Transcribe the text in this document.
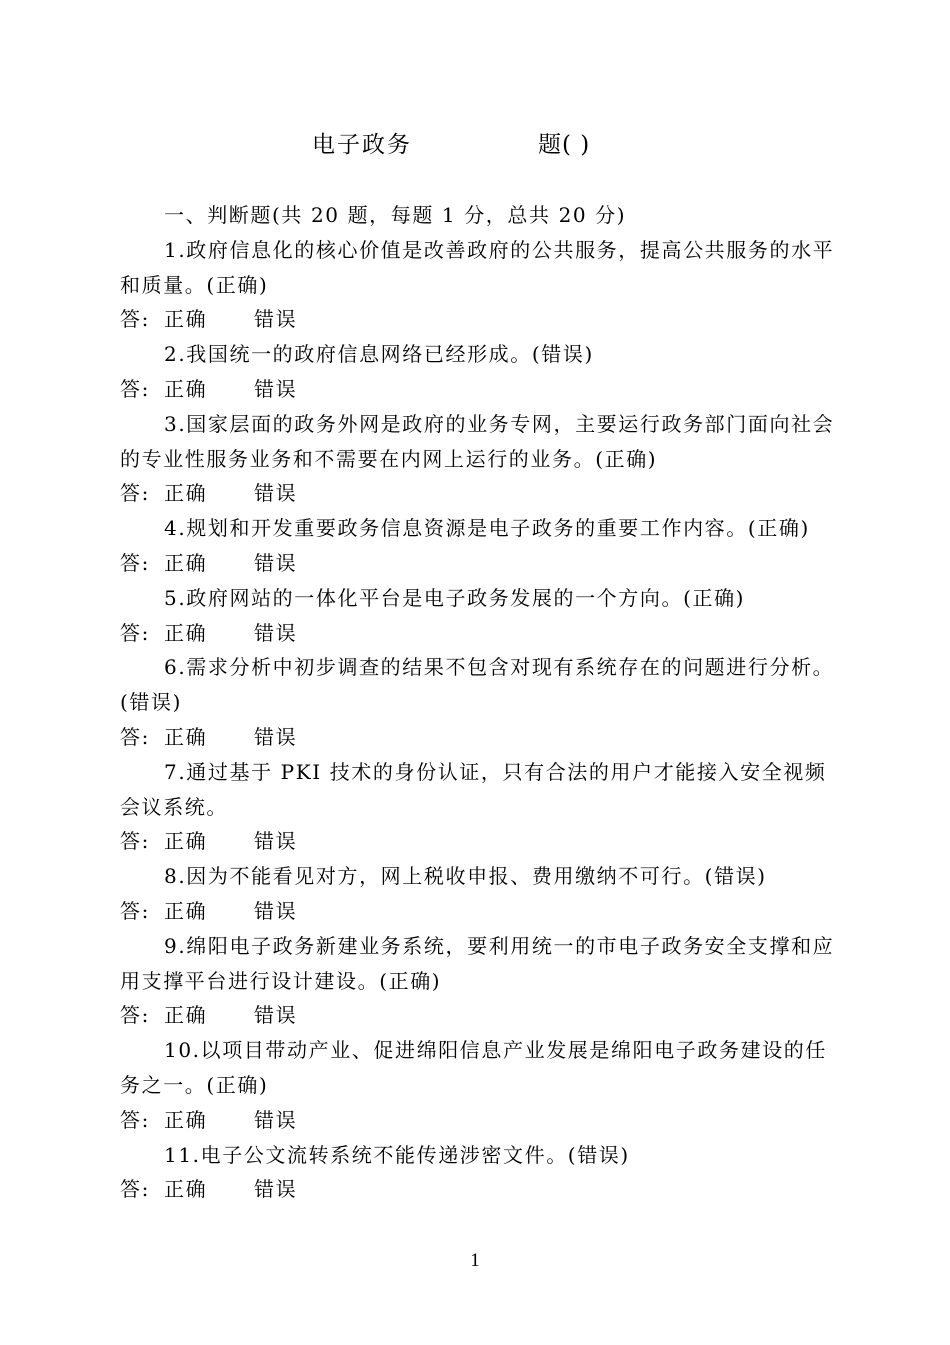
电子政务	题( )

一、判断题(共 20 题，每题 1 分，总共 20 分)

1.政府信息化的核心价值是改善政府的公共服务，提高公共服务的水平和质量。(正确)

答: 正确 错误

2.我国统一的政府信息网络已经形成。(错误)

答: 正确 错误

3.国家层面的政务外网是政府的业务专网，主要运行政务部门面向社会的专业性服务业务和不需要在内网上运行的业务。(正确)

答: 正确 错误

4.规划和开发重要政务信息资源是电子政务的重要工作内容。(正确)

答: 正确 错误

5.政府网站的一体化平台是电子政务发展的一个方向。(正确)

答: 正确 错误

6.需求分析中初步调查的结果不包含对现有系统存在的问题进行分析。(错误)

答: 正确 错误

7.通过基于 PKI 技术的身份认证，只有合法的用户才能接入安全视频会议系统。

答: 正确 错误

8.因为不能看见对方，网上税收申报、费用缴纳不可行。(错误)

答: 正确 错误

9.绵阳电子政务新建业务系统，要利用统一的市电子政务安全支撑和应用支撑平台进行设计建设。(正确)

答: 正确 错误

10.以项目带动产业、促进绵阳信息产业发展是绵阳电子政务建设的任务之一。(正确)

答: 正确 错误

11.电子公文流转系统不能传递涉密文件。(错误)

答: 正确 错误

1
